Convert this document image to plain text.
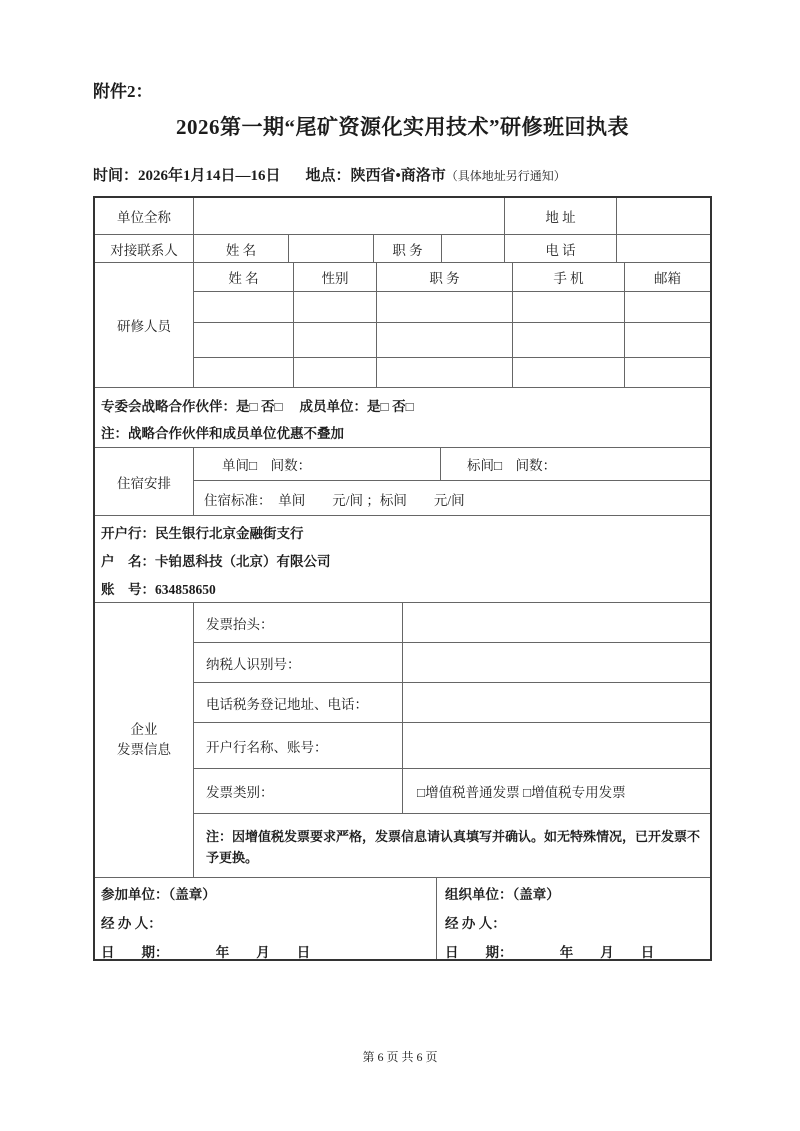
附件2：
2026第一期“尾矿资源化实用技术”研修班回执表
时间：2026年1月14日—16日 地点：陕西省•商洛市（具体地址另行通知）
单位全称	地 址
对接联系人	姓 名	职 务	电 话
研修人员
姓 名	性别	职 务	手 机	邮箱
专委会战略合作伙伴：是□ 否□　 成员单位：是□ 否□
注：战略合作伙伴和成员单位优惠不叠加
住宿安排
单间□　间数：	标间□　间数：
住宿标准：　单间　　元/间 ；标间　　元/间
开户行：民生银行北京金融街支行
户　名：卡铂恩科技（北京）有限公司
账　号：634858650
企业
发票信息
发票抬头：
纳税人识别号：
电话税务登记地址、电话：
开户行名称、账号：
发票类别：	□增值税普通发票 □增值税专用发票
注：因增值税发票要求严格，发票信息请认真填写并确认。如无特殊情况，已开发票不予更换。
参加单位：（盖章）
经 办 人：
日　　期：　　　　年　　月　　日
组织单位：（盖章）
经 办 人：
日　　期：　　　　年　　月　　日
第 6 页 共 6 页
